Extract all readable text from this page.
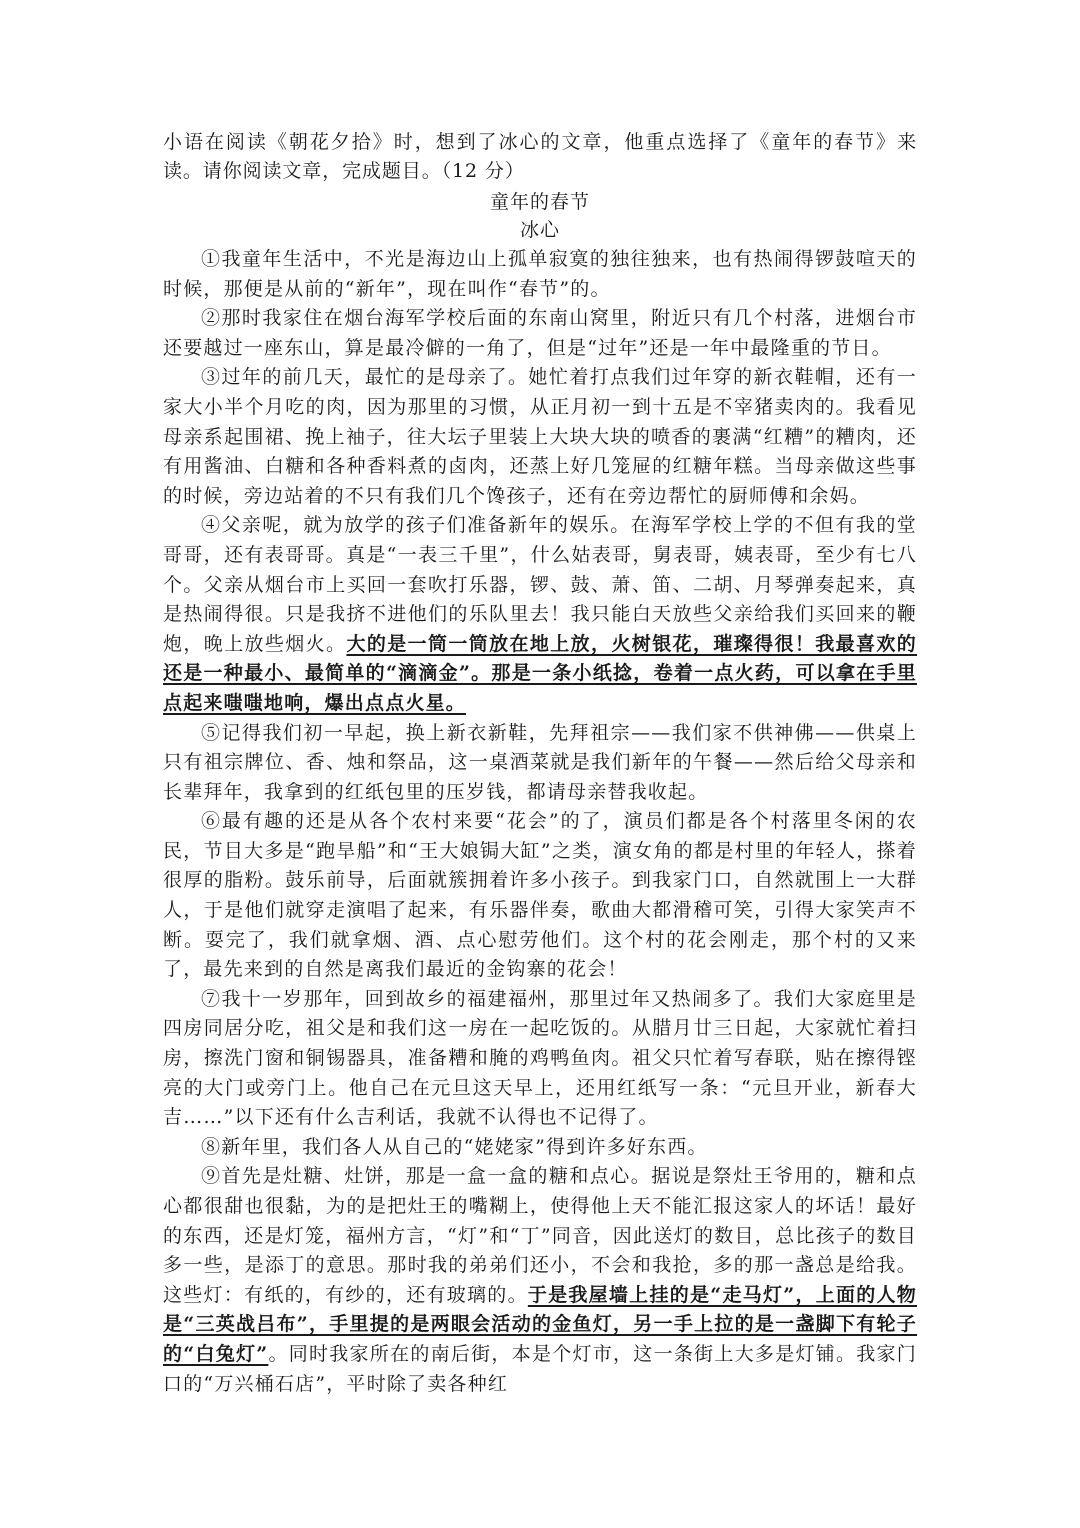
小语在阅读《朝花夕拾》时，想到了冰心的文章，他重点选择了《童年的春节》来读。请你阅读文章，完成题目。（12 分）

童年的春节
冰心

①我童年生活中，不光是海边山上孤单寂寞的独往独来，也有热闹得锣鼓喧天的时候，那便是从前的“新年”，现在叫作“春节”的。

②那时我家住在烟台海军学校后面的东南山窝里，附近只有几个村落，进烟台市还要越过一座东山，算是最冷僻的一角了，但是“过年”还是一年中最隆重的节日。

③过年的前几天，最忙的是母亲了。她忙着打点我们过年穿的新衣鞋帽，还有一家大小半个月吃的肉，因为那里的习惯，从正月初一到十五是不宰猪卖肉的。我看见母亲系起围裙、挽上袖子，往大坛子里装上大块大块的喷香的裹满“红糟”的糟肉，还有用酱油、白糖和各种香料煮的卤肉，还蒸上好几笼屉的红糖年糕。当母亲做这些事的时候，旁边站着的不只有我们几个馋孩子，还有在旁边帮忙的厨师傅和余妈。

④父亲呢，就为放学的孩子们准备新年的娱乐。在海军学校上学的不但有我的堂哥哥，还有表哥哥。真是“一表三千里”，什么姑表哥，舅表哥，姨表哥，至少有七八个。父亲从烟台市上买回一套吹打乐器，锣、鼓、萧、笛、二胡、月琴弹奏起来，真是热闹得很。只是我挤不进他们的乐队里去！我只能白天放些父亲给我们买回来的鞭炮，晚上放些烟火。大的是一筒一筒放在地上放，火树银花，璀璨得很！我最喜欢的还是一种最小、最简单的“滴滴金”。那是一条小纸捻，卷着一点火药，可以拿在手里点起来嗤嗤地响，爆出点点火星。

⑤记得我们初一早起，换上新衣新鞋，先拜祖宗——我们家不供神佛——供桌上只有祖宗牌位、香、烛和祭品，这一桌酒菜就是我们新年的午餐——然后给父母亲和长辈拜年，我拿到的红纸包里的压岁钱，都请母亲替我收起。

⑥最有趣的还是从各个农村来要“花会”的了，演员们都是各个村落里冬闲的农民，节目大多是“跑旱船”和“王大娘锔大缸”之类，演女角的都是村里的年轻人，搽着很厚的脂粉。鼓乐前导，后面就簇拥着许多小孩子。到我家门口，自然就围上一大群人，于是他们就穿走演唱了起来，有乐器伴奏，歌曲大都滑稽可笑，引得大家笑声不断。耍完了，我们就拿烟、酒、点心慰劳他们。这个村的花会刚走，那个村的又来了，最先来到的自然是离我们最近的金钩寨的花会！

⑦我十一岁那年，回到故乡的福建福州，那里过年又热闹多了。我们大家庭里是四房同居分吃，祖父是和我们这一房在一起吃饭的。从腊月廿三日起，大家就忙着扫房，擦洗门窗和铜锡器具，准备糟和腌的鸡鸭鱼肉。祖父只忙着写春联，贴在擦得铿亮的大门或旁门上。他自己在元旦这天早上，还用红纸写一条：“元旦开业，新春大吉……”以下还有什么吉利话，我就不认得也不记得了。

⑧新年里，我们各人从自己的“姥姥家”得到许多好东西。

⑨首先是灶糖、灶饼，那是一盒一盒的糖和点心。据说是祭灶王爷用的，糖和点心都很甜也很黏，为的是把灶王的嘴糊上，使得他上天不能汇报这家人的坏话！最好的东西，还是灯笼，福州方言，“灯”和“丁”同音，因此送灯的数目，总比孩子的数目多一些，是添丁的意思。那时我的弟弟们还小，不会和我抢，多的那一盏总是给我。这些灯：有纸的，有纱的，还有玻璃的。于是我屋墙上挂的是“走马灯”，上面的人物是“三英战吕布”，手里提的是两眼会活动的金鱼灯，另一手上拉的是一盏脚下有轮子的“白兔灯”。同时我家所在的南后街，本是个灯市，这一条街上大多是灯铺。我家门口的“万兴桶石店”，平时除了卖各种红
